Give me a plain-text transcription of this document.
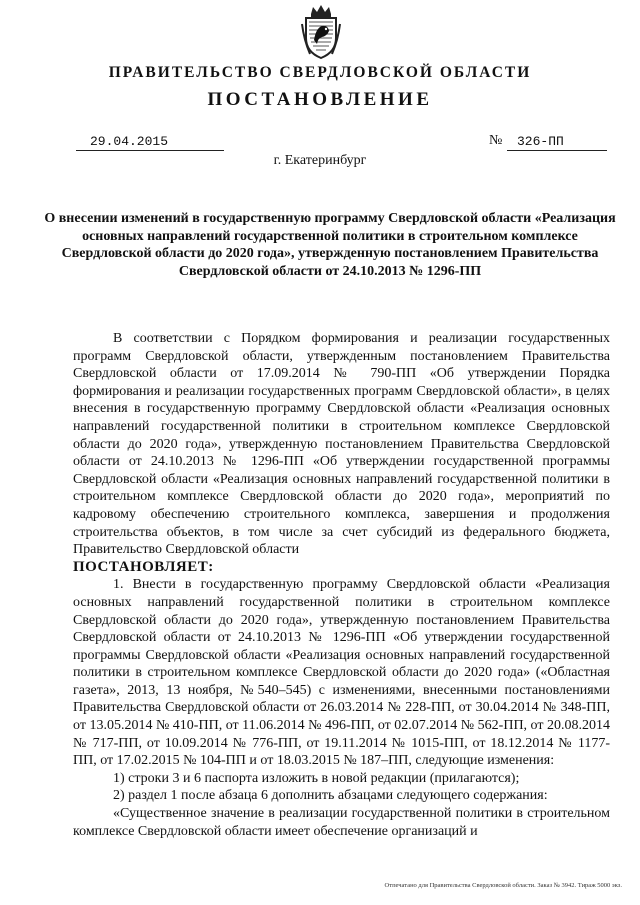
ПРАВИТЕЛЬСТВО СВЕРДЛОВСКОЙ ОБЛАСТИ
ПОСТАНОВЛЕНИЕ
29.04.2015	№	326-ПП
г. Екатеринбург
О внесении изменений в государственную программу Свердловской области «Реализация основных направлений государственной политики в строительном комплексе Свердловской области до 2020 года», утвержденную постановлением Правительства Свердловской области от 24.10.2013 № 1296-ПП

В соответствии с Порядком формирования и реализации государственных программ Свердловской области, утвержденным постановлением Правительства Свердловской области от 17.09.2014 № 790-ПП «Об утверждении Порядка формирования и реализации государственных программ Свердловской области», в целях внесения в государственную программу Свердловской области «Реализация основных направлений государственной политики в строительном комплексе Свердловской области до 2020 года», утвержденную постановлением Правительства Свердловской области от 24.10.2013 № 1296-ПП «Об утверждении государственной программы Свердловской области «Реализация основных направлений государственной политики в строительном комплексе Свердловской области до 2020 года», мероприятий по кадровому обеспечению строительного комплекса, завершения и продолжения строительства объектов, в том числе за счет субсидий из федерального бюджета, Правительство Свердловской области

ПОСТАНОВЛЯЕТ:

1. Внести в государственную программу Свердловской области «Реализация основных направлений государственной политики в строительном комплексе Свердловской области до 2020 года», утвержденную постановлением Правительства Свердловской области от 24.10.2013 № 1296-ПП «Об утверждении государственной программы Свердловской области «Реализация основных направлений государственной политики в строительном комплексе Свердловской области до 2020 года» («Областная газета», 2013, 13 ноября, №540–545) с изменениями, внесенными постановлениями Правительства Свердловской области от 26.03.2014 № 228-ПП, от 30.04.2014 № 348-ПП, от 13.05.2014 № 410-ПП, от 11.06.2014 № 496-ПП, от 02.07.2014 № 562-ПП, от 20.08.2014 № 717-ПП, от 10.09.2014 № 776-ПП, от 19.11.2014 № 1015-ПП, от 18.12.2014 № 1177-ПП, от 17.02.2015 № 104-ПП и от 18.03.2015 № 187–ПП, следующие изменения:

1) строки 3 и 6 паспорта изложить в новой редакции (прилагаются);

2) раздел 1 после абзаца 6 дополнить абзацами следующего содержания:

«Существенное значение в реализации государственной политики в строительном комплексе Свердловской области имеет обеспечение организаций и

Отпечатано для Правительства Свердловской области. Заказ № 3942. Тираж 5000 экз.
